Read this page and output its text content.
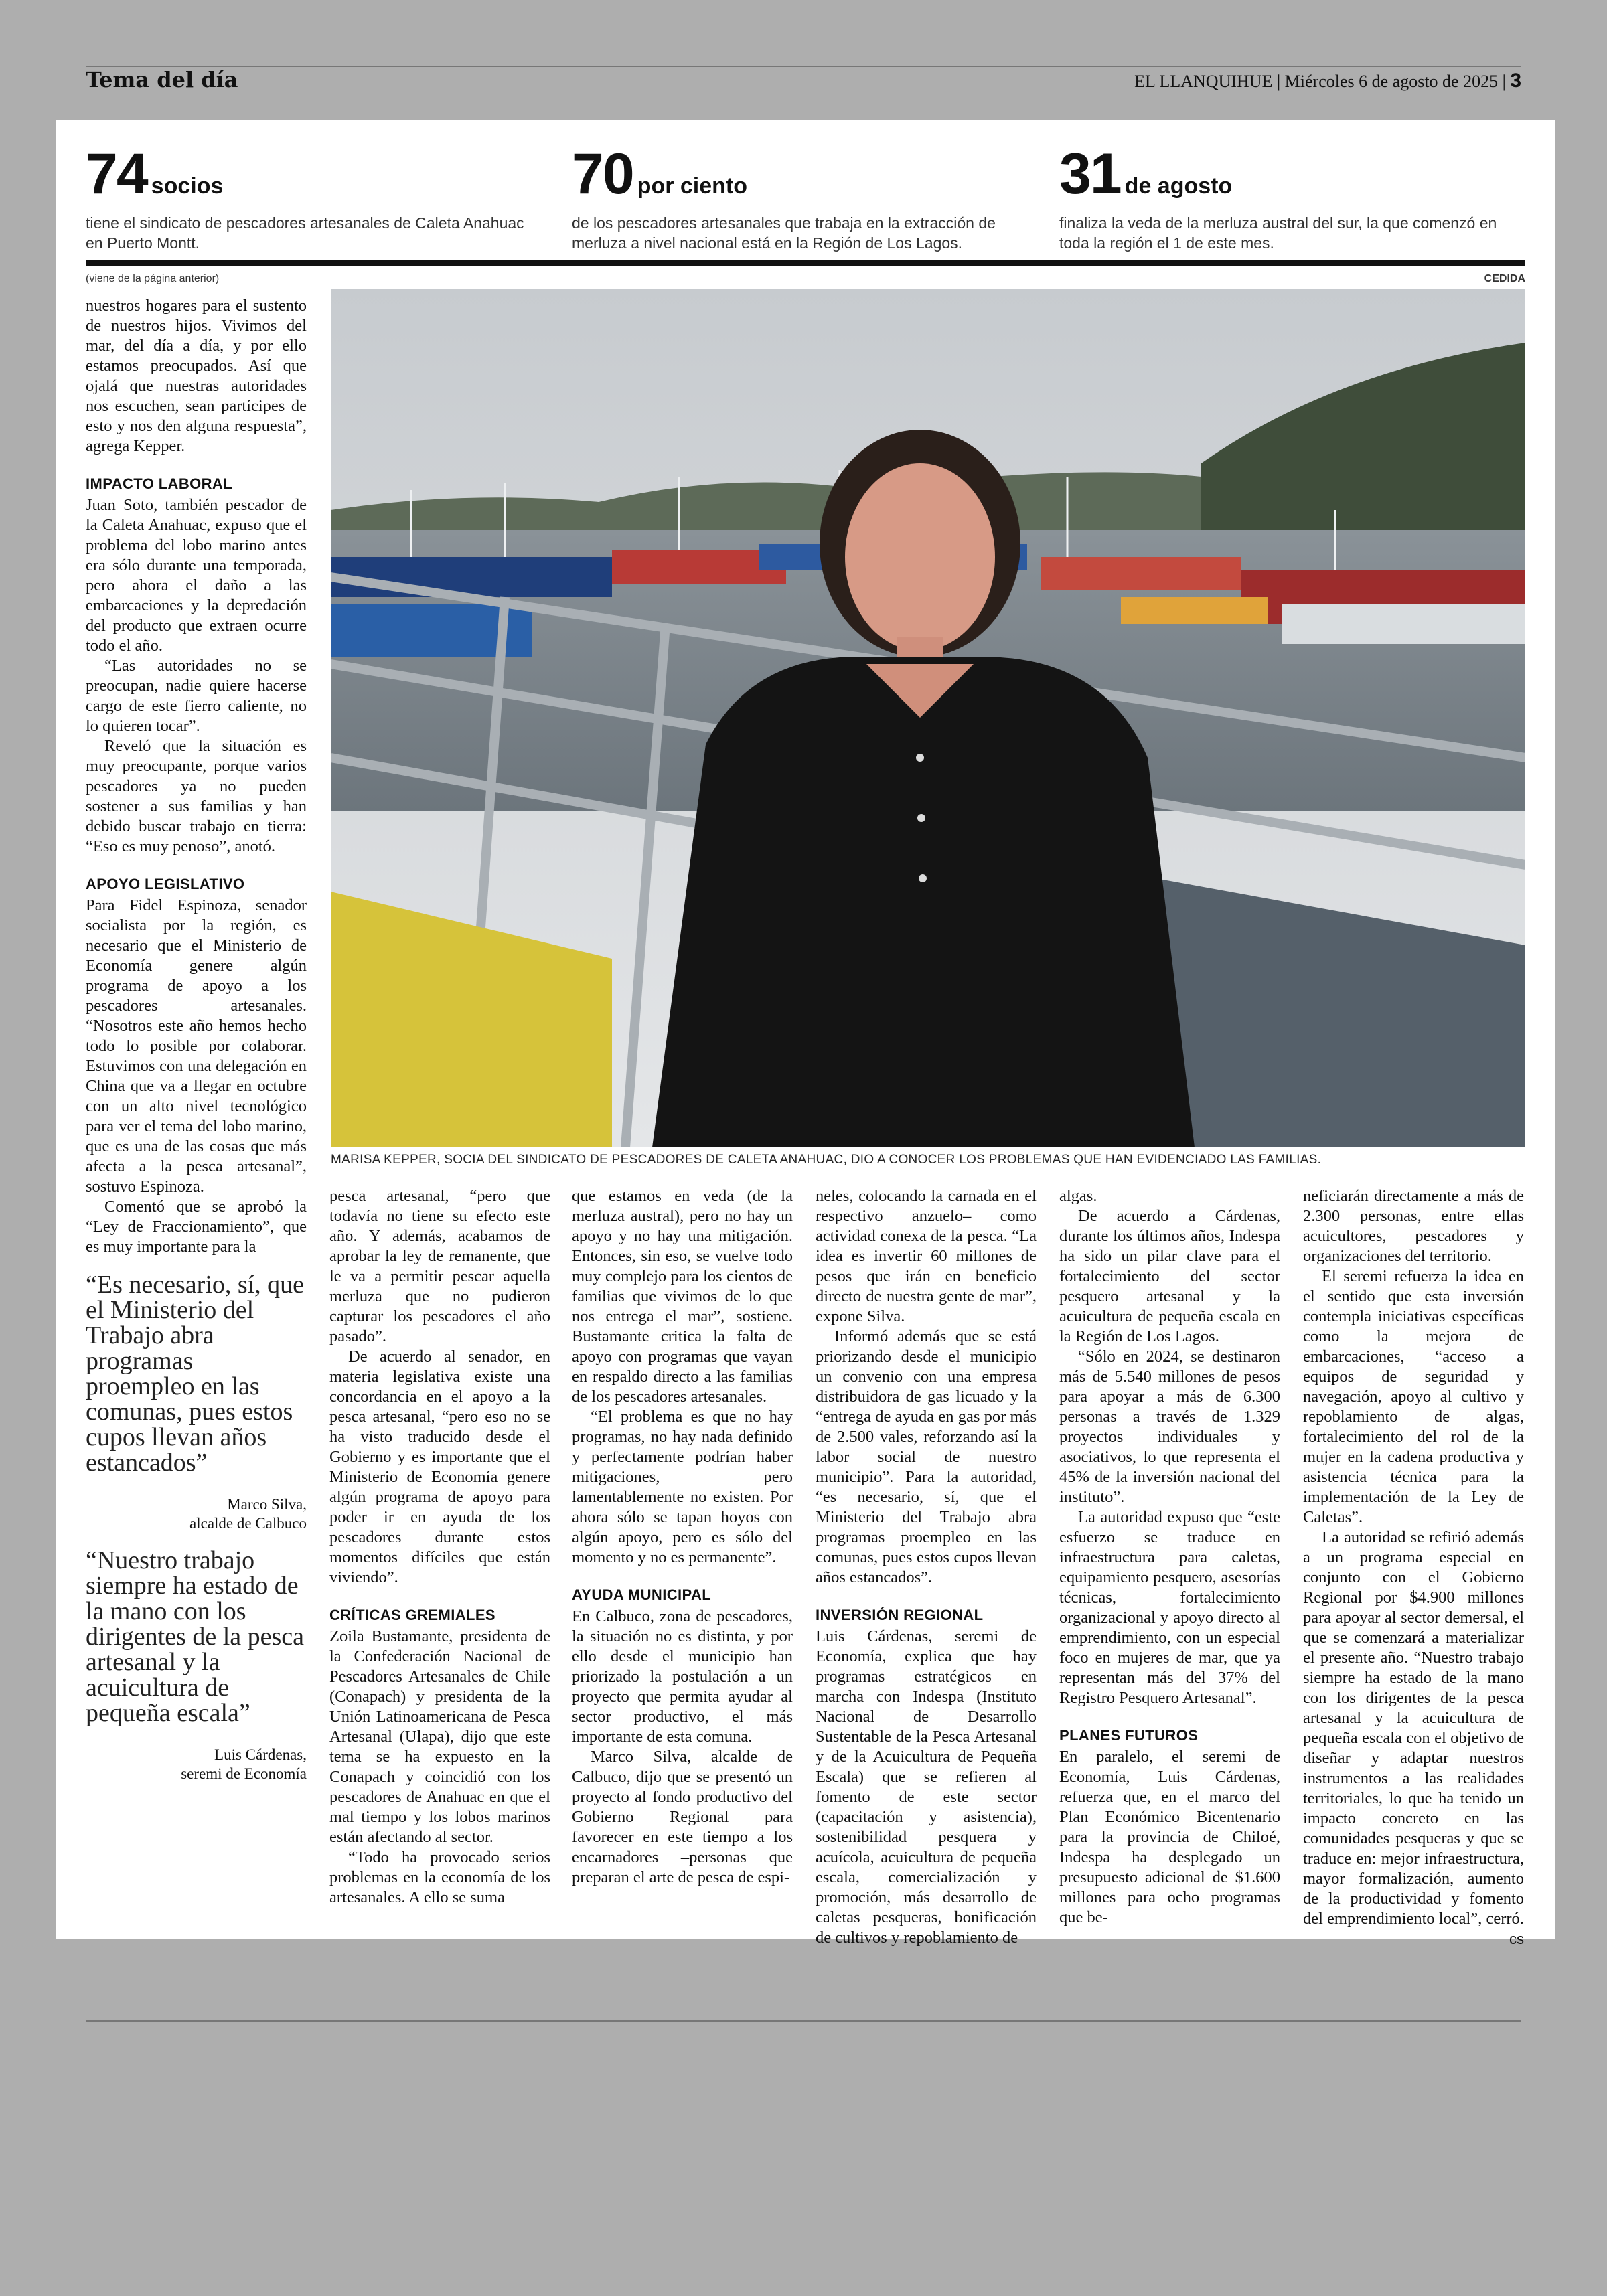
Tema del día	EL LLANQUIHUE | Miércoles 6 de agosto de 2025 | 3
74 socios
tiene el sindicato de pescadores artesanales de Caleta Anahuac en Puerto Montt.
70 por ciento
de los pescadores artesanales que trabaja en la extracción de merluza a nivel nacional está en la Región de Los Lagos.
31 de agosto
finaliza la veda de la merluza austral del sur, la que comenzó en toda la región el 1 de este mes.
(viene de la página anterior)	CEDIDA
MARISA KEPPER, SOCIA DEL SINDICATO DE PESCADORES DE CALETA ANAHUAC, DIO A CONOCER LOS PROBLEMAS QUE HAN EVIDENCIADO LAS FAMILIAS.

nuestros hogares para el sustento de nuestros hijos. Vivimos del mar, del día a día, y por ello estamos preocupados. Así que ojalá que nuestras autoridades nos escuchen, sean partícipes de esto y nos den alguna respuesta”, agrega Kepper.

IMPACTO LABORAL

Juan Soto, también pescador de la Caleta Anahuac, expuso que el problema del lobo marino antes era sólo durante una temporada, pero ahora el daño a las embarcaciones y la depredación del producto que extraen ocurre todo el año.

“Las autoridades no se preocupan, nadie quiere hacerse cargo de este fierro caliente, no lo quieren tocar”.

Reveló que la situación es muy preocupante, porque varios pescadores ya no pueden sostener a sus familias y han debido buscar trabajo en tierra: “Eso es muy penoso”, anotó.

APOYO LEGISLATIVO

Para Fidel Espinoza, senador socialista por la región, es necesario que el Ministerio de Economía genere algún programa de apoyo a los pescadores artesanales. “Nosotros este año hemos hecho todo lo posible por colaborar. Estuvimos con una delegación en China que va a llegar en octubre con un alto nivel tecnológico para ver el tema del lobo marino, que es una de las cosas que más afecta a la pesca artesanal”, sostuvo Espinoza.

Comentó que se aprobó la “Ley de Fraccionamiento”, que es muy importante para la

“Es necesario, sí, que el Ministerio del Trabajo abra programas proempleo en las comunas, pues estos cupos llevan años estancados”
Marco Silva,
alcalde de Calbuco
“Nuestro trabajo siempre ha estado de la mano con los dirigentes de la pesca artesanal y la acuicultura de pequeña escala”
Luis Cárdenas,
seremi de Economía

pesca artesanal, “pero que todavía no tiene su efecto este año. Y además, acabamos de aprobar la ley de remanente, que le va a permitir pescar aquella merluza que no pudieron capturar los pescadores el año pasado”.

De acuerdo al senador, en materia legislativa existe una concordancia en el apoyo a la pesca artesanal, “pero eso no se ha visto traducido desde el Gobierno y es importante que el Ministerio de Economía genere algún programa de apoyo para poder ir en ayuda de los pescadores durante estos momentos difíciles que están viviendo”.

CRÍTICAS GREMIALES

Zoila Bustamante, presidenta de la Confederación Nacional de Pescadores Artesanales de Chile (Conapach) y presidenta de la Unión Latinoamericana de Pesca Artesanal (Ulapa), dijo que este tema se ha expuesto en la Conapach y coincidió con los pescadores de Anahuac en que el mal tiempo y los lobos marinos están afectando al sector.

“Todo ha provocado serios problemas en la economía de los artesanales. A ello se suma

que estamos en veda (de la merluza austral), pero no hay un apoyo y no hay una mitigación. Entonces, sin eso, se vuelve todo muy complejo para los cientos de familias que vivimos de lo que nos entrega el mar”, sostiene. Bustamante critica la falta de apoyo con programas que vayan en respaldo directo a las familias de los pescadores artesanales.

“El problema es que no hay programas, no hay nada definido y perfectamente podrían haber mitigaciones, pero lamentablemente no existen. Por ahora sólo se tapan hoyos con algún apoyo, pero es sólo del momento y no es permanente”.

AYUDA MUNICIPAL

En Calbuco, zona de pescadores, la situación no es distinta, y por ello desde el municipio han priorizado la postulación a un proyecto que permita ayudar al sector productivo, el más importante de esta comuna.

Marco Silva, alcalde de Calbuco, dijo que se presentó un proyecto al fondo productivo del Gobierno Regional para favorecer en este tiempo a los encarnadores –personas que preparan el arte de pesca de espi-

neles, colocando la carnada en el respectivo anzuelo– como actividad conexa de la pesca. “La idea es invertir 60 millones de pesos que irán en beneficio directo de nuestra gente de mar”, expone Silva.

Informó además que se está priorizando desde el municipio un convenio con una empresa distribuidora de gas licuado y la “entrega de ayuda en gas por más de 2.500 vales, reforzando así la labor social de nuestro municipio”. Para la autoridad, “es necesario, sí, que el Ministerio del Trabajo abra programas proempleo en las comunas, pues estos cupos llevan años estancados”.

INVERSIÓN REGIONAL

Luis Cárdenas, seremi de Economía, explica que hay programas estratégicos en marcha con Indespa (Instituto Nacional de Desarrollo Sustentable de la Pesca Artesanal y de la Acuicultura de Pequeña Escala) que se refieren al fomento de este sector (capacitación y asistencia), sostenibilidad pesquera y acuícola, acuicultura de pequeña escala, comercialización y promoción, más desarrollo de caletas pesqueras, bonificación de cultivos y repoblamiento de

algas.

De acuerdo a Cárdenas, durante los últimos años, Indespa ha sido un pilar clave para el fortalecimiento del sector pesquero artesanal y la acuicultura de pequeña escala en la Región de Los Lagos.

“Sólo en 2024, se destinaron más de 5.540 millones de pesos para apoyar a más de 6.300 personas a través de 1.329 proyectos individuales y asociativos, lo que representa el 45% de la inversión nacional del instituto”.

La autoridad expuso que “este esfuerzo se traduce en infraestructura para caletas, equipamiento pesquero, asesorías técnicas, fortalecimiento organizacional y apoyo directo al emprendimiento, con un especial foco en mujeres de mar, que ya representan más del 37% del Registro Pesquero Artesanal”.

PLANES FUTUROS

En paralelo, el seremi de Economía, Luis Cárdenas, refuerza que, en el marco del Plan Económico Bicentenario para la provincia de Chiloé, Indespa ha desplegado un presupuesto adicional de $1.600 millones para ocho programas que be-

neficiarán directamente a más de 2.300 personas, entre ellas acuicultores, pescadores y organizaciones del territorio.

El seremi refuerza la idea en el sentido que esta inversión contempla iniciativas específicas como la mejora de embarcaciones, “acceso a equipos de seguridad y navegación, apoyo al cultivo y repoblamiento de algas, fortalecimiento del rol de la mujer en la cadena productiva y asistencia técnica para la implementación de la Ley de Caletas”.

La autoridad se refirió además a un programa especial en conjunto con el Gobierno Regional por $4.900 millones para apoyar al sector demersal, el que se comenzará a materializar el presente año. “Nuestro trabajo siempre ha estado de la mano con los dirigentes de la pesca artesanal y la acuicultura de pequeña escala con el objetivo de diseñar y adaptar nuestros instrumentos a las realidades territoriales, lo que ha tenido un impacto concreto en las comunidades pesqueras y que se traduce en: mejor infraestructura, mayor formalización, aumento de la productividad y fomento del emprendimiento local”, cerró.

cs
